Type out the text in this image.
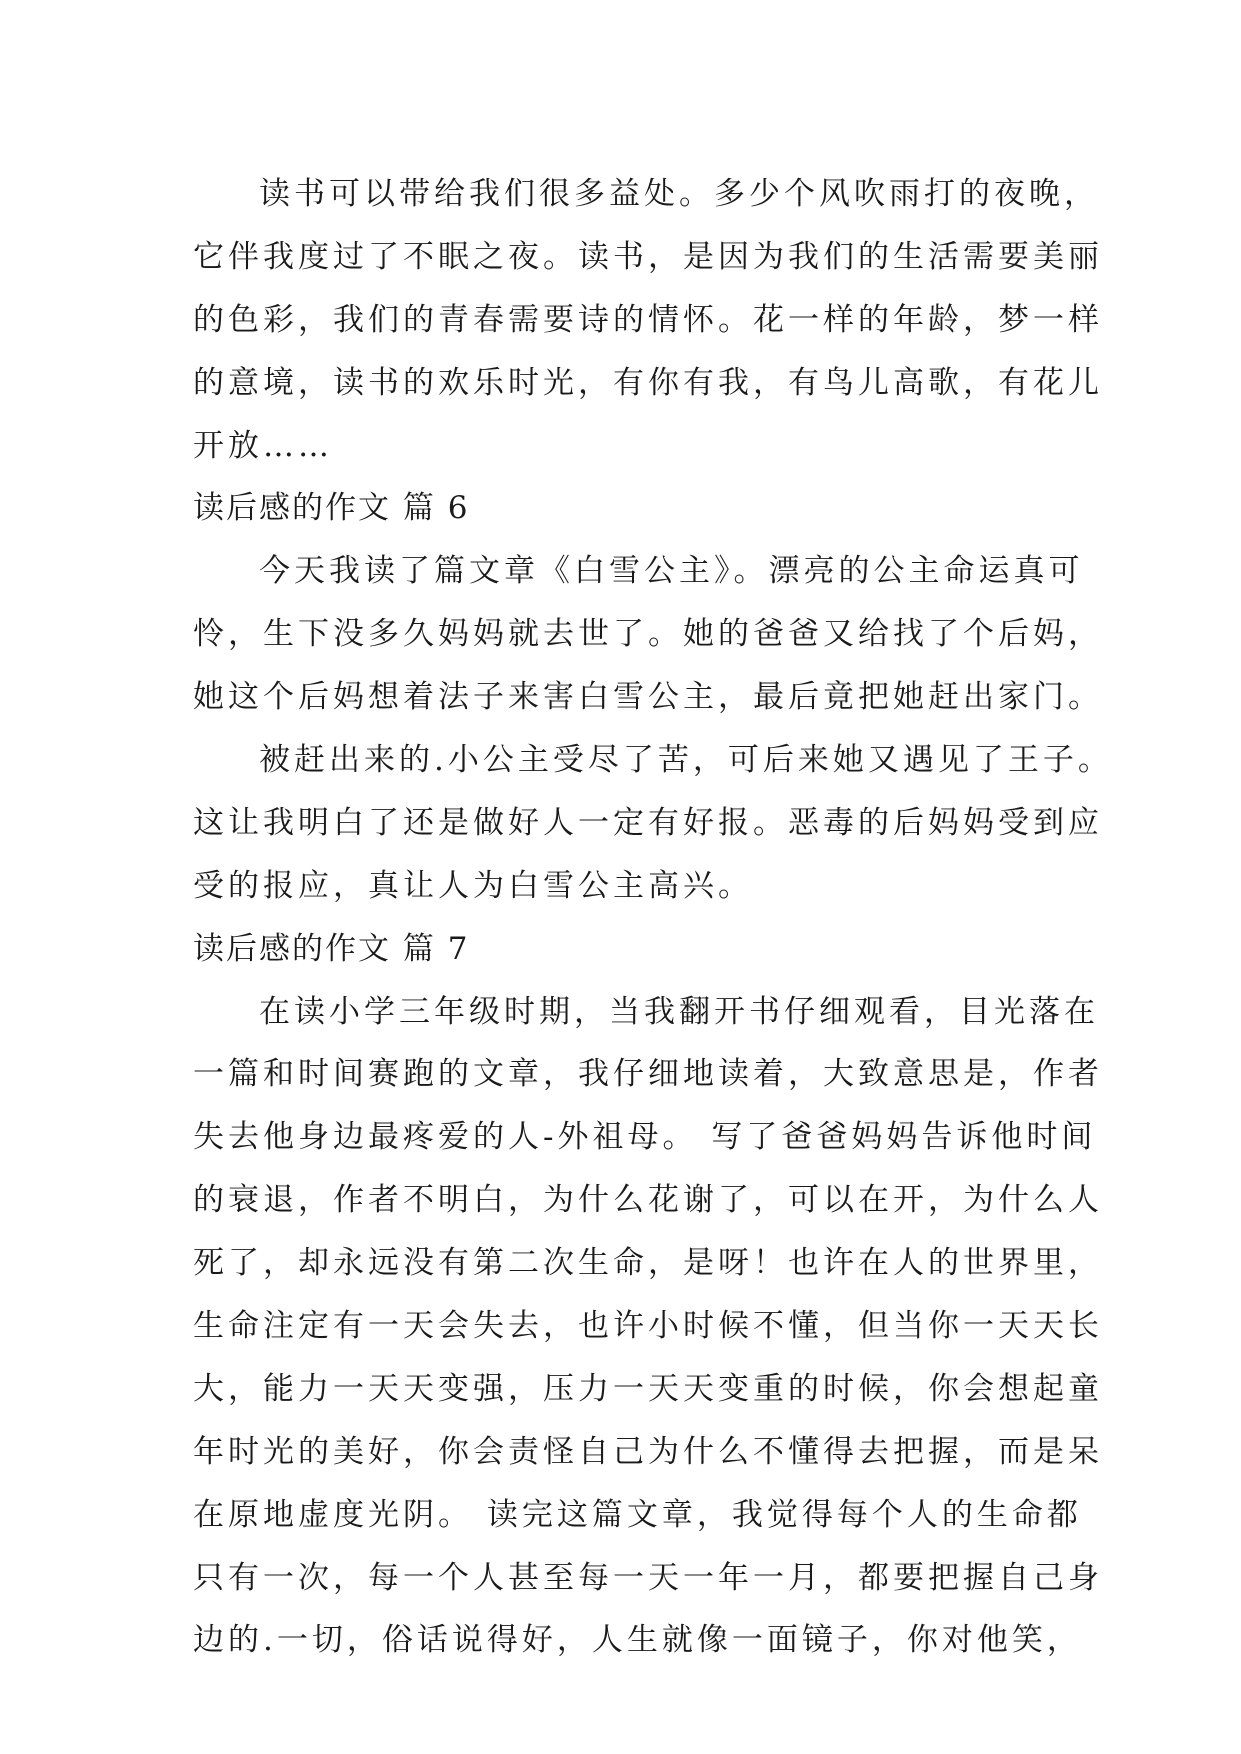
读书可以带给我们很多益处。多少个风吹雨打的夜晚，
它伴我度过了不眠之夜。读书，是因为我们的生活需要美丽
的色彩，我们的青春需要诗的情怀。花一样的年龄，梦一样
的意境，读书的欢乐时光，有你有我，有鸟儿高歌，有花儿
开放……
读后感的作文 篇 6
今天我读了篇文章《白雪公主》。漂亮的公主命运真可
怜，生下没多久妈妈就去世了。她的爸爸又给找了个后妈，
她这个后妈想着法子来害白雪公主，最后竟把她赶出家门。
被赶出来的.小公主受尽了苦，可后来她又遇见了王子。
这让我明白了还是做好人一定有好报。恶毒的后妈妈受到应
受的报应，真让人为白雪公主高兴。
读后感的作文 篇 7
在读小学三年级时期，当我翻开书仔细观看，目光落在
一篇和时间赛跑的文章，我仔细地读着，大致意思是，作者
失去他身边最疼爱的人-外祖母。 写了爸爸妈妈告诉他时间
的衰退，作者不明白，为什么花谢了，可以在开，为什么人
死了，却永远没有第二次生命，是呀！也许在人的世界里，
生命注定有一天会失去，也许小时候不懂，但当你一天天长
大，能力一天天变强，压力一天天变重的时候，你会想起童
年时光的美好，你会责怪自己为什么不懂得去把握，而是呆
在原地虚度光阴。 读完这篇文章，我觉得每个人的生命都
只有一次，每一个人甚至每一天一年一月，都要把握自己身
边的.一切，俗话说得好，人生就像一面镜子，你对他笑，
